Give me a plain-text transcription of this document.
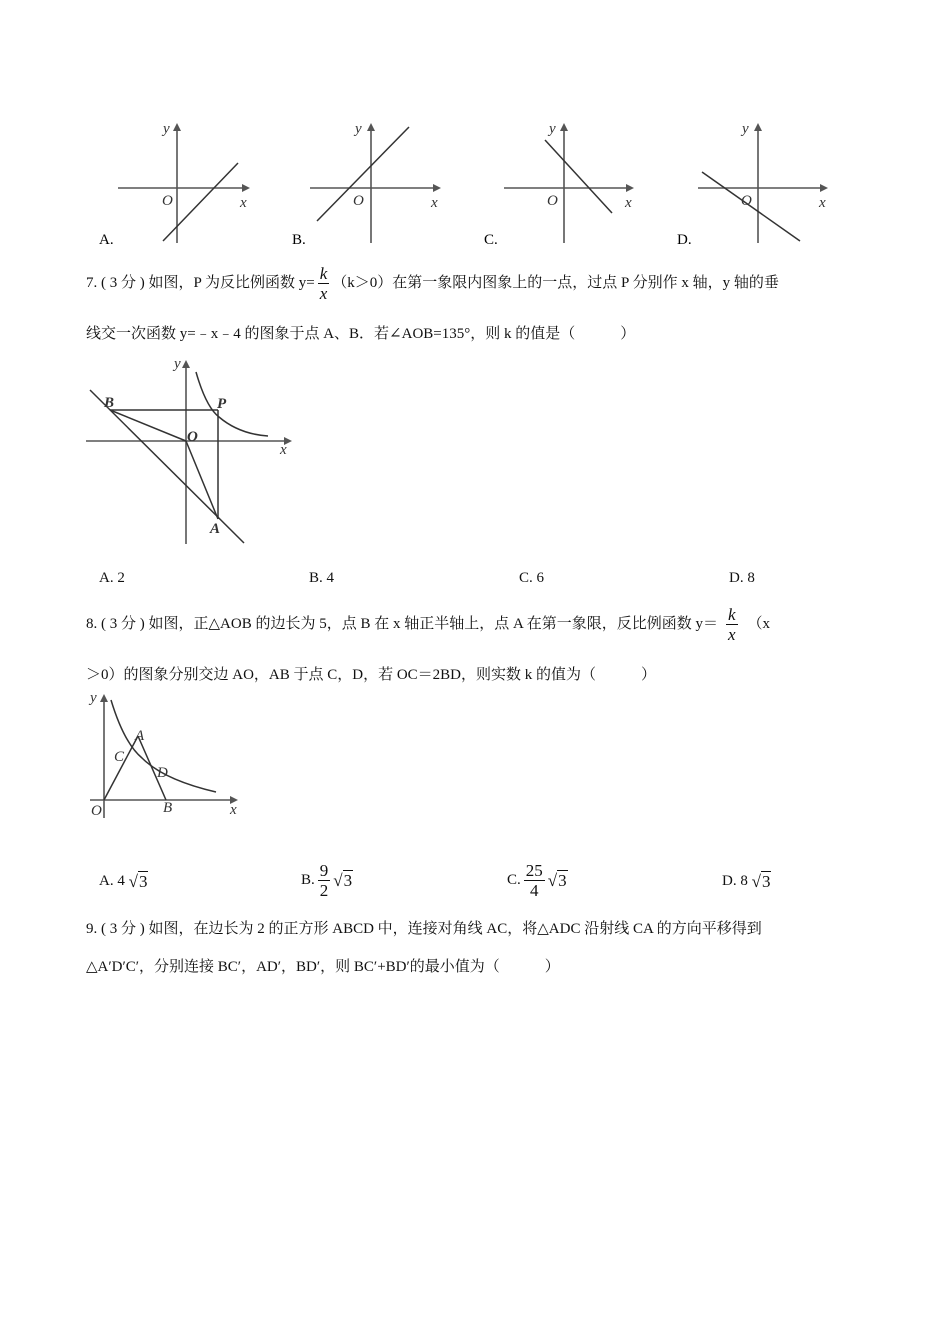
y
x
O
A.
y
x
O
B.
y
x
O
C.
y
x
O
D.
7. ( 3 分 ) 如图，P 为反比例函数 $y= \frac{k}{x} (k>0)$在第一象限内图象上的一点，过点 P 分别作 x 轴，y 轴的垂
线交一次函数 y=﹣x﹣4 的图象于点 A、B．若∠AOB=135°，则 k 的值是（　　　）
y
x
B	P
O
A
A. 2	B. 4	C. 6	D. 8
8. ( 3 分 ) 如图，正△AOB 的边长为 5，点 B 在 x 轴正半轴上，点 A 在第一象限，反比例函数 $y= \frac{k}{x} (x$
＞0）的图象分别交边 AO，AB 于点 C，D，若 OC＝2BD，则实数 k 的值为（　　　）
y
x
O
A
B
C
D
A. 4 √3	B. $\frac{9}{2} √3$	C. $\frac{25}{4} √3$	D. 8 √3
9. ( 3 分 ) 如图，在边长为 2 的正方形 ABCD 中，连接对角线 AC，将△ADC 沿射线 CA 的方向平移得到
△A′D′C′，分别连接 BC′，AD′，BD′，则 BC′+BD′的最小值为（　　　）
